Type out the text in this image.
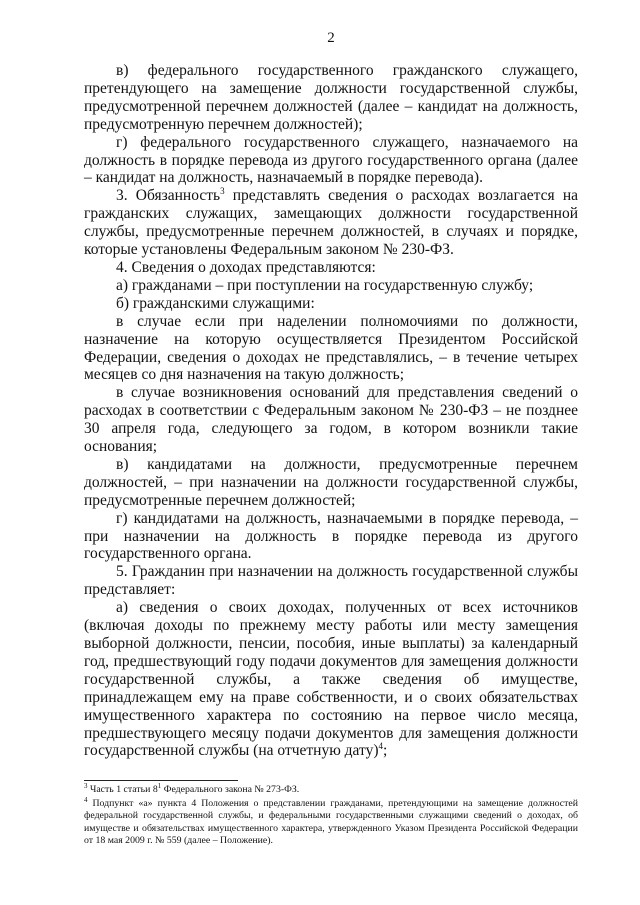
2

в) федерального государственного гражданского служащего, претендующего на замещение должности государственной службы, предусмотренной перечнем должностей (далее – кандидат на должность, предусмотренную перечнем должностей);

г) федерального государственного служащего, назначаемого на должность в порядке перевода из другого государственного органа (далее – кандидат на должность, назначаемый в порядке перевода).

3. Обязанность$^3$ представлять сведения о расходах возлагается на гражданских служащих, замещающих должности государственной службы, предусмотренные перечнем должностей, в случаях и порядке, которые установлены Федеральным законом № 230-ФЗ.

4. Сведения о доходах представляются:

а) гражданами – при поступлении на государственную службу;

б) гражданскими служащими:

в случае если при наделении полномочиями по должности, назначение на которую осуществляется Президентом Российской Федерации, сведения о доходах не представлялись, – в течение четырех месяцев со дня назначения на такую должность;

в случае возникновения оснований для представления сведений о расходах в соответствии с Федеральным законом № 230-ФЗ – не позднее 30 апреля года, следующего за годом, в котором возникли такие основания;

в) кандидатами на должности, предусмотренные перечнем должностей, – при назначении на должности государственной службы, предусмотренные перечнем должностей;

г) кандидатами на должность, назначаемыми в порядке перевода, – при назначении на должность в порядке перевода из другого государственного органа.

5. Гражданин при назначении на должность государственной службы представляет:

а) сведения о своих доходах, полученных от всех источников (включая доходы по прежнему месту работы или месту замещения выборной должности, пенсии, пособия, иные выплаты) за календарный год, предшествующий году подачи документов для замещения должности государственной службы, а также сведения об имуществе, принадлежащем ему на праве собственности, и о своих обязательствах имущественного характера по состоянию на первое число месяца, предшествующего месяцу подачи документов для замещения должности государственной службы (на отчетную дату)$^4$;

$^3$ Часть 1 статьи $8^1$ Федерального закона № 273-ФЗ.

$^4$ Подпункт «а» пункта 4 Положения о представлении гражданами, претендующими на замещение должностей федеральной государственной службы, и федеральными государственными служащими сведений о доходах, об имуществе и обязательствах имущественного характера, утвержденного Указом Президента Российской Федерации от 18 мая 2009 г. № 559 (далее – Положение).
